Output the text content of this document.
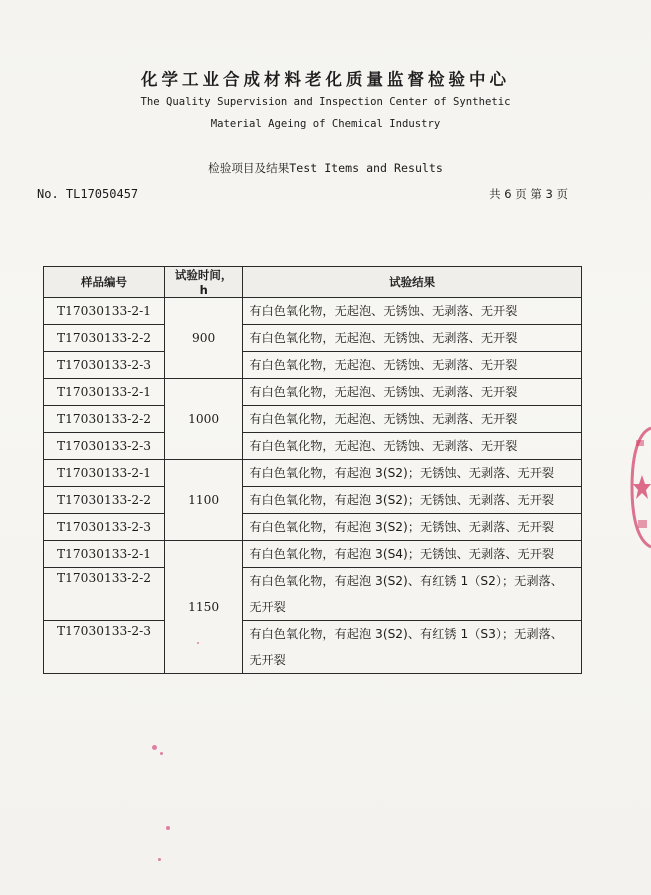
化学工业合成材料老化质量监督检验中心
The Quality Supervision and Inspection Center of Synthetic
Material Ageing of Chemical Industry
检验项目及结果Test Items and Results
No. TL17050457	共 6 页 第 3 页
样品编号	试验时间，h	试验结果
T17030133-2-1	900	有白色氧化物，无起泡、无锈蚀、无剥落、无开裂
T17030133-2-2		有白色氧化物，无起泡、无锈蚀、无剥落、无开裂
T17030133-2-3		有白色氧化物，无起泡、无锈蚀、无剥落、无开裂
T17030133-2-1	1000	有白色氧化物，无起泡、无锈蚀、无剥落、无开裂
T17030133-2-2		有白色氧化物，无起泡、无锈蚀、无剥落、无开裂
T17030133-2-3		有白色氧化物，无起泡、无锈蚀、无剥落、无开裂
T17030133-2-1	1100	有白色氧化物，有起泡 3(S2)；无锈蚀、无剥落、无开裂
T17030133-2-2		有白色氧化物，有起泡 3(S2)；无锈蚀、无剥落、无开裂
T17030133-2-3		有白色氧化物，有起泡 3(S2)；无锈蚀、无剥落、无开裂
T17030133-2-1	1150	有白色氧化物，有起泡 3(S4)；无锈蚀、无剥落、无开裂
T17030133-2-2		有白色氧化物，有起泡 3(S2)、有红锈 1（S2）；无剥落、无开裂
T17030133-2-3		有白色氧化物，有起泡 3(S2)、有红锈 1（S3）；无剥落、无开裂
